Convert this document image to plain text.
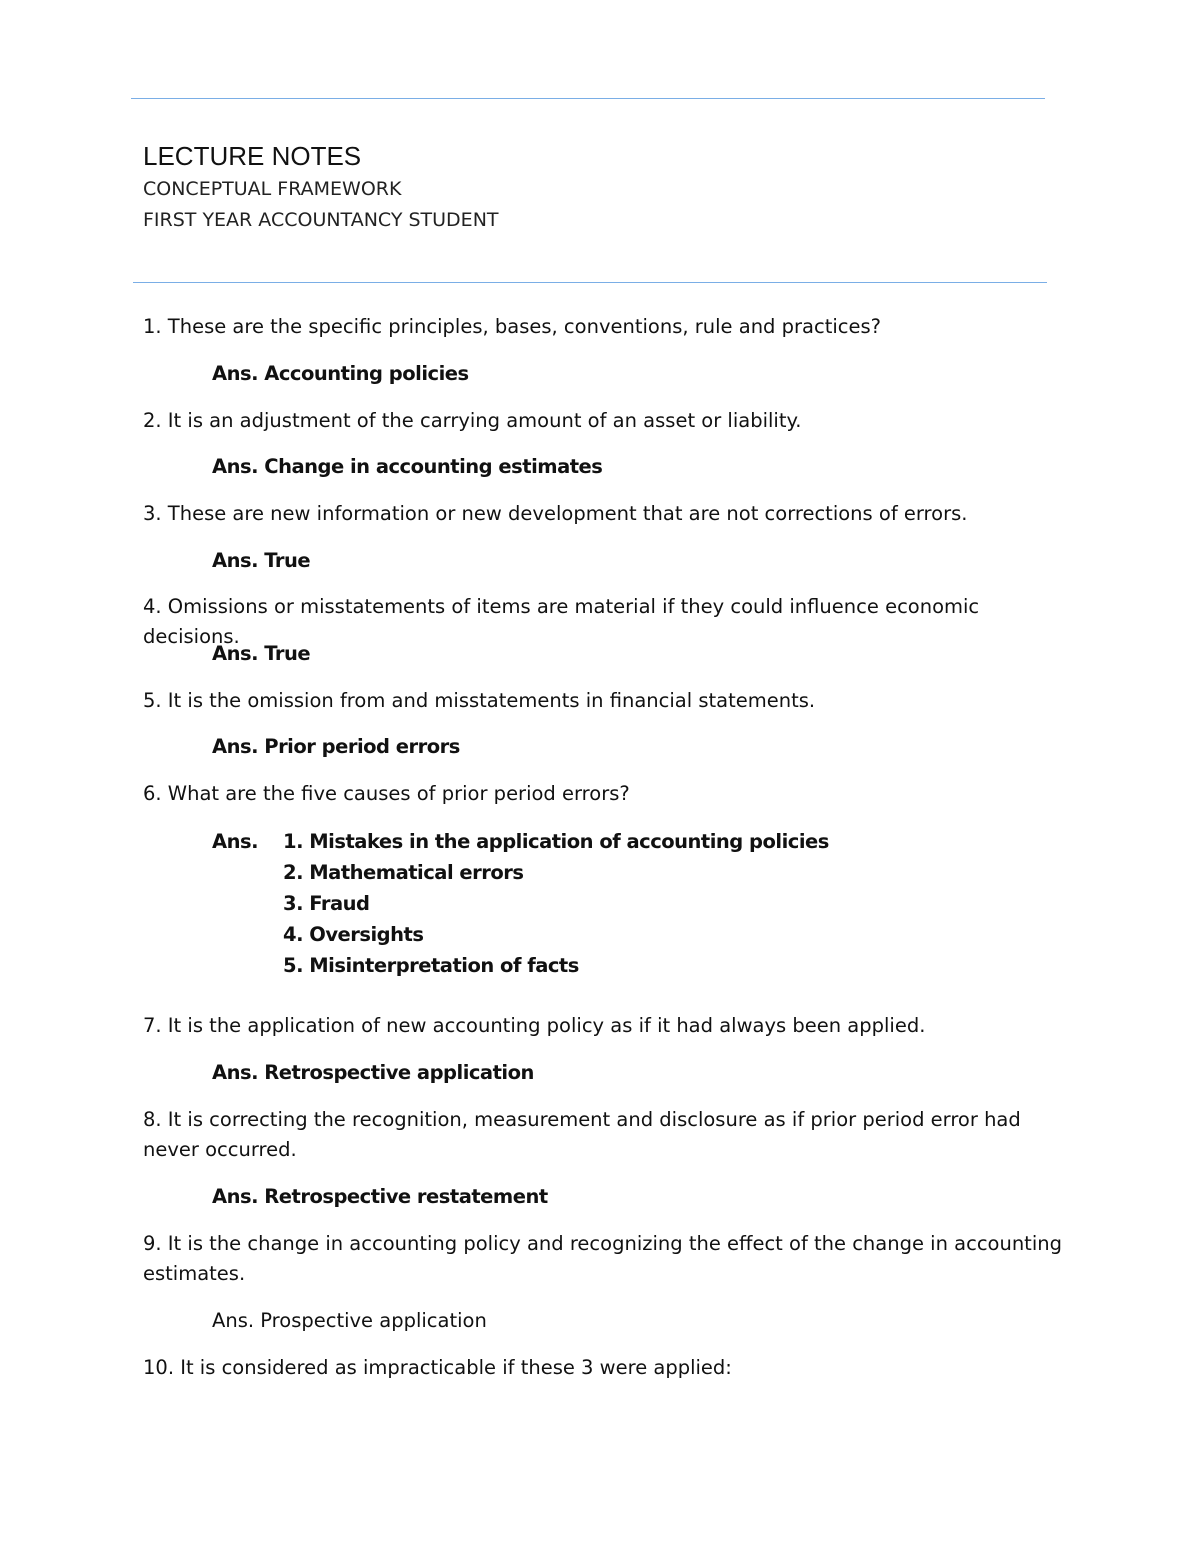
LECTURE NOTES
CONCEPTUAL FRAMEWORK
FIRST YEAR ACCOUNTANCY STUDENT
1. These are the specific principles, bases, conventions, rule and practices?
Ans. Accounting policies
2. It is an adjustment of the carrying amount of an asset or liability.
Ans. Change in accounting estimates
3. These are new information or new development that are not corrections of errors.
Ans. True
4. Omissions or misstatements of items are material if they could influence economic decisions.
Ans. True
5. It is the omission from and misstatements in financial statements.
Ans. Prior period errors
6. What are the five causes of prior period errors?
Ans. 1. Mistakes in the application of accounting policies
2. Mathematical errors
3. Fraud
4. Oversights
5. Misinterpretation of facts
7. It is the application of new accounting policy as if it had always been applied.
Ans. Retrospective application
8. It is correcting the recognition, measurement and disclosure as if prior period error had never occurred.
Ans. Retrospective restatement
9. It is the change in accounting policy and recognizing the effect of the change in accounting estimates.
Ans. Prospective application
10. It is considered as impracticable if these 3 were applied:
